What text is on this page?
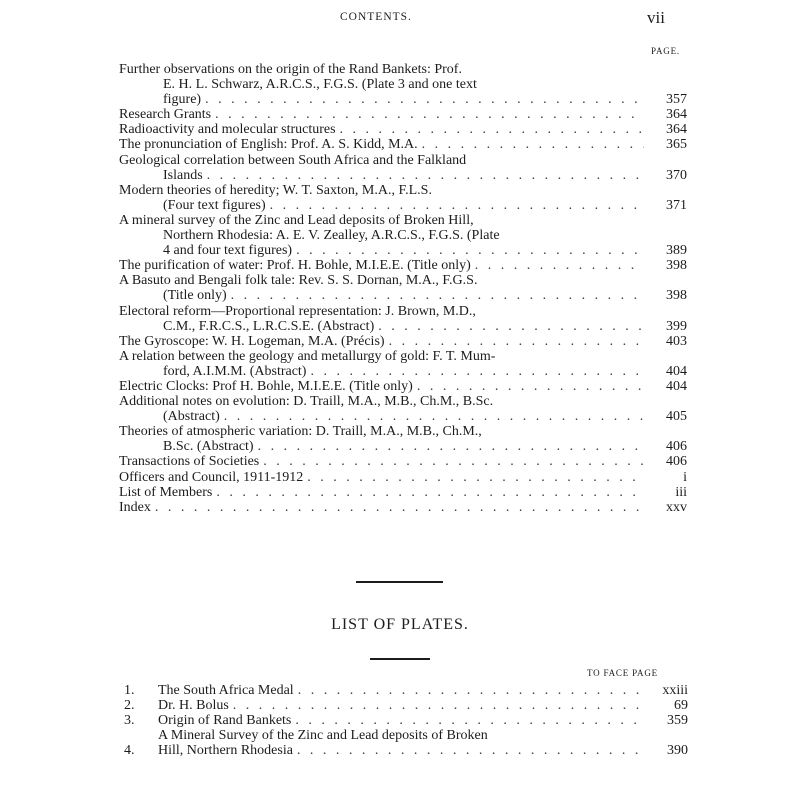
CONTENTS.	vii
PAGE.
Further observations on the origin of the Rand Bankets: Prof.
E. H. L. Schwarz, A.R.C.S., F.G.S. (Plate 3 and one text
figure) . . .	357
Research Grants . . .	364
Radioactivity and molecular structures . . .	364
The pronunciation of English: Prof. A. S. Kidd, M.A. . . .	365
Geological correlation between South Africa and the Falkland
Islands . . .	370
Modern theories of heredity; W. T. Saxton, M.A., F.L.S.
(Four text figures) . . .	371
A mineral survey of the Zinc and Lead deposits of Broken Hill,
Northern Rhodesia: A. E. V. Zealley, A.R.C.S., F.G.S. (Plate
4 and four text figures) . . .	389
The purification of water: Prof. H. Bohle, M.I.E.E. (Title only) . . .	398
A Basuto and Bengali folk tale: Rev. S. S. Dornan, M.A., F.G.S.
(Title only) . . .	398
Electoral reform—Proportional representation: J. Brown, M.D.,
C.M., F.R.C.S., L.R.C.S.E. (Abstract) . . .	399
The Gyroscope: W. H. Logeman, M.A. (Précis) . . .	403
A relation between the geology and metallurgy of gold: F. T. Mum-
ford, A.I.M.M. (Abstract) . . .	404
Electric Clocks: Prof H. Bohle, M.I.E.E. (Title only) . . .	404
Additional notes on evolution: D. Traill, M.A., M.B., Ch.M., B.Sc.
(Abstract) . . .	405
Theories of atmospheric variation: D. Traill, M.A., M.B., Ch.M.,
B.Sc. (Abstract) . . .	406
Transactions of Societies . . .	406
Officers and Council, 1911-1912 . . .	i
List of Members . . .	iii
Index . . .	xxv
LIST OF PLATES.
TO FACE PAGE
1.	The South Africa Medal . . .	xxiii
2.	Dr. H. Bolus . . .	69
3.	Origin of Rand Bankets . . .	359
4.
A Mineral Survey of the Zinc and Lead deposits of Broken
Hill, Northern Rhodesia . . .	390
